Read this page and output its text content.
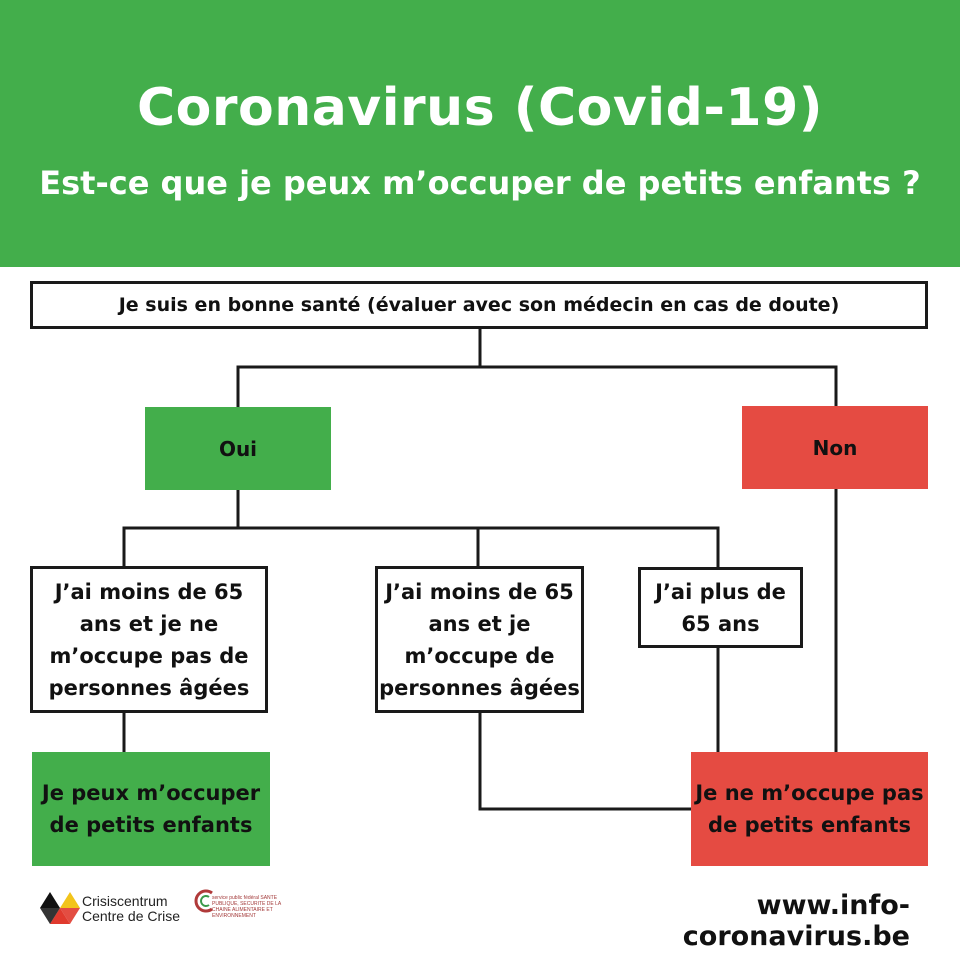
Coronavirus (Covid-19)
Est-ce que je peux m’occuper de petits enfants ?
Je suis en bonne santé (évaluer avec son médecin en cas de doute)
Oui	Non
J’ai moins de 65 ans et je ne m’occupe pas de personnes âgées
J’ai moins de 65 ans et je m’occupe de personnes âgées
J’ai plus de 65 ans
Je peux m’occuper de petits enfants
Je ne m’occupe pas de petits enfants
Crisiscentrum
Centre de Crise
service public fédéral SANTE PUBLIQUE, SECURITE DE LA CHAINE ALIMENTAIRE ET ENVIRONNEMENT	www.info-coronavirus.be
